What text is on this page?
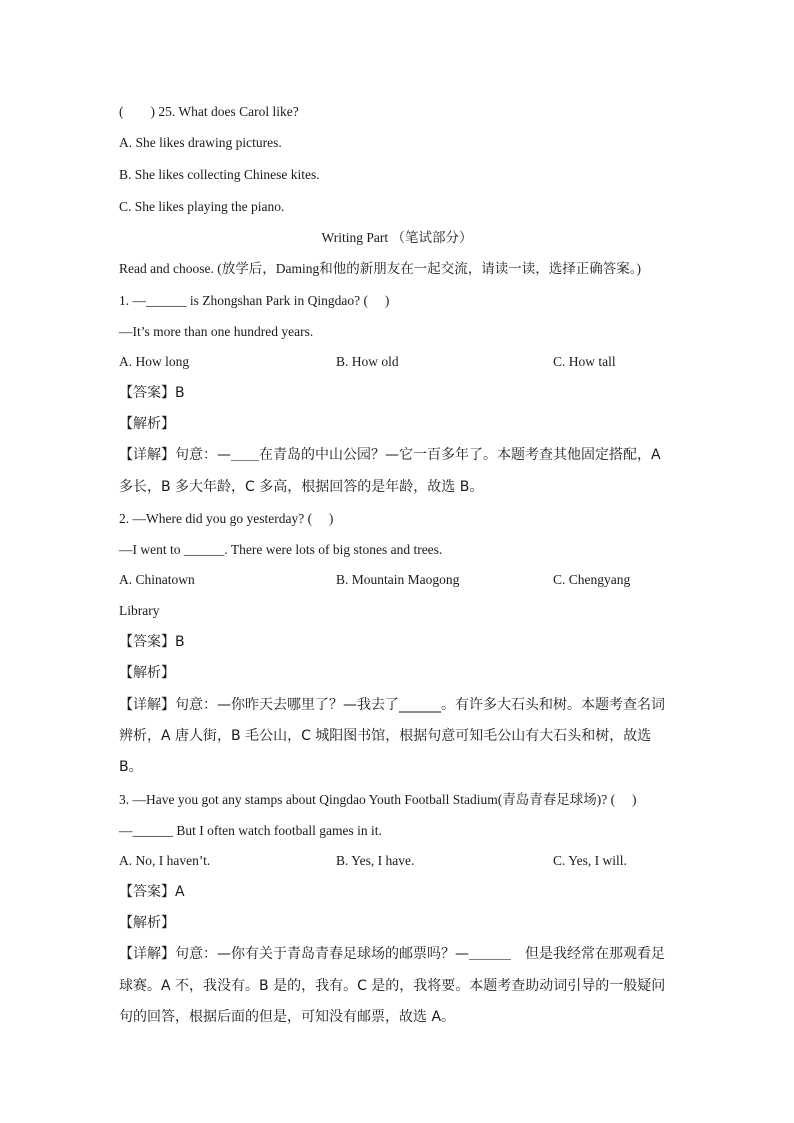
(　　) 25. What does Carol like?
A. She likes drawing pictures.
B. She likes collecting Chinese kites.
C. She likes playing the piano.
Writing Part （笔试部分）
Read and choose. (放学后，Daming和他的新朋友在一起交流，请读一读，选择正确答案。)
1. —______ is Zhongshan Park in Qingdao? (　 )
—It’s more than one hundred years.
A. How long	B. How old	C. How tall
【答案】B
【解析】
【详解】句意：—＿＿在青岛的中山公园？—它一百多年了。本题考查其他固定搭配，A
多长，B 多大年龄，C 多高，根据回答的是年龄，故选 B。
2. —Where did you go yesterday? (　 )
—I went to ______. There were lots of big stones and trees.
A. Chinatown	B. Mountain Maogong	C. Chengyang
Library
【答案】B
【解析】
【详解】句意：—你昨天去哪里了？—我去了______。有许多大石头和树。本题考查名词
辨析，A 唐人街，B 毛公山，C 城阳图书馆，根据句意可知毛公山有大石头和树，故选
B。
3. —Have you got any stamps about Qingdao Youth Football Stadium(青岛青春足球场)? (　 )
—______ But I often watch football games in it.
A. No, I haven’t.	B. Yes, I have.	C. Yes, I will.
【答案】A
【解析】
【详解】句意：—你有关于青岛青春足球场的邮票吗？—＿＿＿　但是我经常在那观看足
球赛。A 不，我没有。B 是的，我有。C 是的，我将要。本题考查助动词引导的一般疑问
句的回答，根据后面的但是，可知没有邮票，故选 A。
